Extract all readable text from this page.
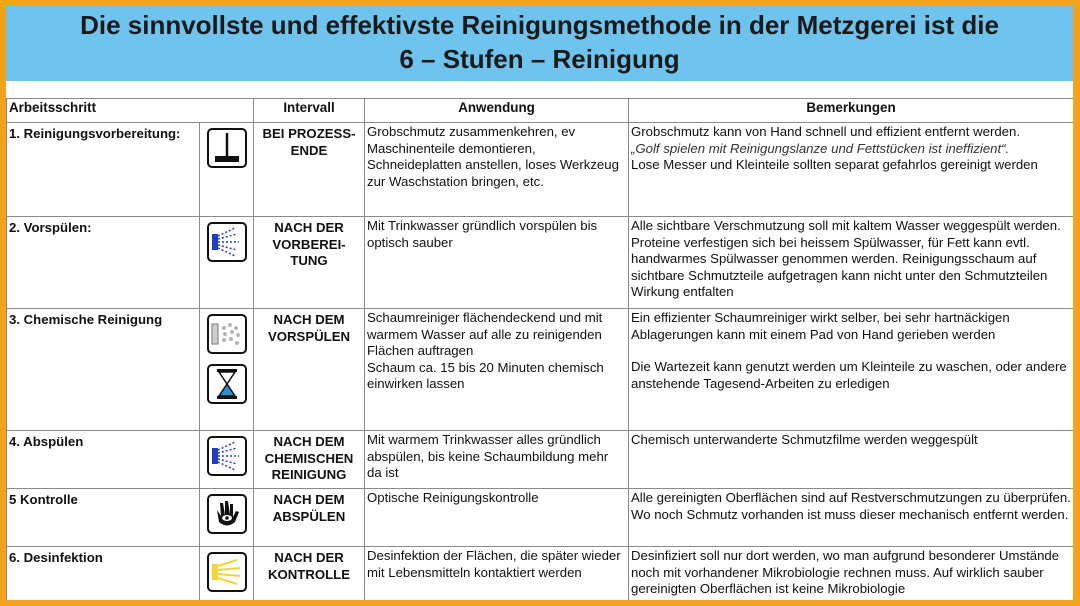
Die sinnvollste und effektivste Reinigungsmethode in der Metzgerei ist die
6 – Stufen – Reinigung
Arbeitsschritt		Intervall	Anwendung	Bemerkungen
1. Reinigungsvorbereitung:		BEI PROZESS-ENDE	Grobschmutz zusammenkehren, ev Maschinenteile demontieren, Schneideplatten anstellen, loses Werkzeug zur Waschstation bringen, etc.	Grobschmutz kann von Hand schnell und effizient entfernt werden.
„Golf spielen mit Reinigungslanze und Fettstücken ist ineffizient“.
Lose Messer und Kleinteile sollten separat gefahrlos gereinigt werden
2. Vorspülen:		NACH DER VORBEREI-TUNG	Mit Trinkwasser gründlich vorspülen bis optisch sauber	Alle sichtbare Verschmutzung soll mit kaltem Wasser weggespült werden. Proteine verfestigen sich bei heissem Spülwasser, für Fett kann evtl. handwarmes Spülwasser genommen werden. Reinigungsschaum auf sichtbare Schmutzteile aufgetragen kann nicht unter den Schmutzteilen Wirkung entfalten
3. Chemische Reinigung		NACH DEM VORSPÜLEN	Schaumreiniger flächendeckend und mit warmem Wasser auf alle zu reinigenden Flächen auftragen
Schaum ca. 15 bis 20 Minuten chemisch einwirken lassen	Ein effizienter Schaumreiniger wirkt selber, bei sehr hartnäckigen Ablagerungen kann mit einem Pad von Hand gerieben werden
Die Wartezeit kann genutzt werden um Kleinteile zu waschen, oder andere anstehende Tagesend-Arbeiten zu erledigen
4. Abspülen		NACH DEM CHEMISCHEN REINIGUNG	Mit warmem Trinkwasser alles gründlich abspülen, bis keine Schaumbildung mehr da ist	Chemisch unterwanderte Schmutzfilme werden weggespült
5 Kontrolle		NACH DEM ABSPÜLEN	Optische Reinigungskontrolle	Alle gereinigten Oberflächen sind auf Restverschmutzungen zu überprüfen. Wo noch Schmutz vorhanden ist muss dieser mechanisch entfernt werden.
6. Desinfektion		NACH DER KONTROLLE	Desinfektion der Flächen, die später wieder mit Lebensmitteln kontaktiert werden	Desinfiziert soll nur dort werden, wo man aufgrund besonderer Umstände noch mit vorhandener Mikrobiologie rechnen muss. Auf wirklich sauber gereinigten Oberflächen ist keine Mikrobiologie
